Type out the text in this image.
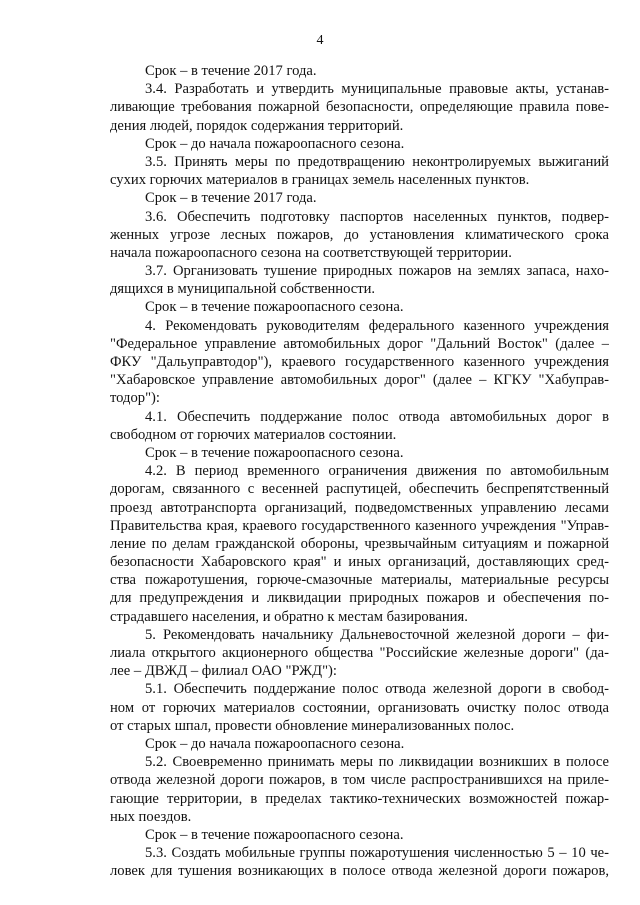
4
Срок – в течение 2017 года.
3.4. Разработать и утвердить муниципальные правовые акты, устанав-
ливающие требования пожарной безопасности, определяющие правила пове-
дения людей, порядок содержания территорий.
Срок – до начала пожароопасного сезона.
3.5. Принять меры по предотвращению неконтролируемых выжиганий
сухих горючих материалов в границах земель населенных пунктов.
Срок – в течение 2017 года.
3.6. Обеспечить подготовку паспортов населенных пунктов, подвер-
женных угрозе лесных пожаров, до установления климатического срока
начала пожароопасного сезона на соответствующей территории.
3.7. Организовать тушение природных пожаров на землях запаса, нахо-
дящихся в муниципальной собственности.
Срок – в течение пожароопасного сезона.
4. Рекомендовать руководителям федерального казенного учреждения
"Федеральное управление автомобильных дорог "Дальний Восток" (далее –
ФКУ "Дальуправтодор"), краевого государственного казенного учреждения
"Хабаровское управление автомобильных дорог" (далее – КГКУ "Хабуправ-
тодор"):
4.1. Обеспечить поддержание полос отвода автомобильных дорог в
свободном от горючих материалов состоянии.
Срок – в течение пожароопасного сезона.
4.2. В период временного ограничения движения по автомобильным
дорогам, связанного с весенней распутицей, обеспечить беспрепятственный
проезд автотранспорта организаций, подведомственных управлению лесами
Правительства края, краевого государственного казенного учреждения "Управ-
ление по делам гражданской обороны, чрезвычайным ситуациям и пожарной
безопасности Хабаровского края" и иных организаций, доставляющих сред-
ства пожаротушения, горюче-смазочные материалы, материальные ресурсы
для предупреждения и ликвидации природных пожаров и обеспечения по-
страдавшего населения, и обратно к местам базирования.
5. Рекомендовать начальнику Дальневосточной железной дороги – фи-
лиала открытого акционерного общества "Российские железные дороги" (да-
лее – ДВЖД – филиал ОАО "РЖД"):
5.1. Обеспечить поддержание полос отвода железной дороги в свобод-
ном от горючих материалов состоянии, организовать очистку полос отвода
от старых шпал, провести обновление минерализованных полос.
Срок – до начала пожароопасного сезона.
5.2. Своевременно принимать меры по ликвидации возникших в полосе
отвода железной дороги пожаров, в том числе распространившихся на приле-
гающие территории, в пределах тактико-технических возможностей пожар-
ных поездов.
Срок – в течение пожароопасного сезона.
5.3. Создать мобильные группы пожаротушения численностью 5 – 10 че-
ловек для тушения возникающих в полосе отвода железной дороги пожаров,
